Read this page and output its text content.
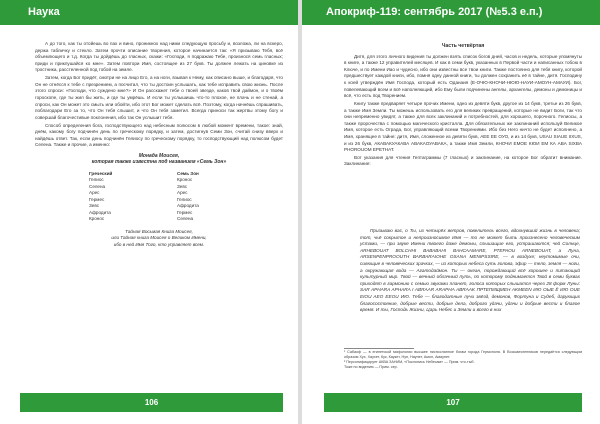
Наука

А до того, как ты отойешь во пах и вино, проникнох над ними следующую просьбу и, возложа, ли на вскеро, держа табличку и стекло. Затем прочти описание творения, которое начинается так: «Я призываю Тебя, всё объемлющего и т.д. Когда ты дойдёшь до гласных, скажи: «Господи, я подражаю Тебе, произнося семь гласных; приди и приклушайся ко мне». Затем повтори Имя, состоящее из 27 букв. Ты должен лежать на циновке из тростника, расстеленной под тобой на земле.

Затем, когда Бог придёт, смотри не на лицо Его, а на ноги, взывая к Нему, как описано выше, и благодаря, что Он не отнёсся к тебе с презрением, а посчитал, что ты достоин услышать, как тебе исправить свою жизнь. После этого спроси: «Господи, что суждено мне?» И Он расскажет тебе о твоей звезде, каков твой даймон, и о твоём гороскопе, где ты жил бы жить, и где ты умрёшь. И если ты услышишь что-то плохое, не плачь и не стенай, а спроси, как Он может это смыть или обойти, ибо этот Бог может сделать всё. Поэтому, когда начнёшь спрашивать, поблагодари Его за то, что Он тебя слышит, и что Он тебя заметил. Всегда приноси так жертвы этому богу и совершай благочестивые поклонения, ибо так Он услышит тебя.

Способ определения бога, господствующего над небесным полюсом в любой момент времени, такое: знай, днём, какому богу подчинён день по греческому порядку, и затем, достигнув Семи Зон, считай снизу вверх и найдёшь ответ. Так, если день подчинён Гелиосу по греческому порядку, то господствующий над полюсом будет Селена. Также и прочие, а именно:

Монада Моисея,
которая также известна под названием «Семь Зон»
Греческий	Семь Зон
Гелиос	Кронос
Селена	Зевс
Арес	Арес
Гермес	Гелиос
Зевс	Афродита
Афродита	Гермес
Кронос	Селена
Тайная Восьмая Книга Моисея,
или Тайная книга Моисея о Великом Имени,
ибо в ней Имя Того, кто управляет всем.
106
Апокриф-119: сентябрь 2017 (№5.3 е.п.)
Часть четвёртая

Дитя, для этого личного видения ты должен взять список богов дней, часов и недель, которые упомянуты в книге, а также 12 управителей месяцев. И как в семи букв, указанных в Первой части и написанных тобою в Ключе, и по Имени Иао и чудесно, ибо они известны все твои книги. Также постоянно для тебя книгу, которой предшествует каждой книги, ибо, помня одну данной книги, ты должен сохранить её в тайне, дитя. Господину к коей утверждён Имя Господа, который есть Оданаия (Е-ОЧЮ-КНОЧИ-НЮЮ-НАУИ-АМОУН-АМАУИ). Бог, повелевающий всем и всё наполняющий, ибо Ему были подчинены ангелы, архангелы, демоны и демоницы и всё, что есть под Творением.

Книгу также предваряет четыре прочих Имени, одно из девяти букв, другое из 14 букв, третье из 26 букв, а также Имя Земли. Ты можешь использовать его для великих превращений, которые не видит Боги, так что они непременно увидят, а также для всех заклинаний и потребностей, для хорошего, порочного. Гелиосы, а также пророчества с помощью магического кристалла. Для обязательных же заклинаний используй Великое Имя, которое есть Ограда, Бог, управляющий всеми Творениями. Ибо без Него ничто не будет исполнено, а Имя, хранящее в тайне: дитя, Имя, сложенное из девяти букв, АЕЕ ЕЕ ОУО, и из 14 букв, USAU SIAUE IIXUS, и из 26 букв, АКАВАКУАКАВА АВАКАОУАВАКА, а также Имя Земли, КНОЧИ ЕМОЕ КЮИ ЕМ КА ABA SIXBA PHOROUOM ЕРЕТНАТ.

Вот указания для чтения Гептаграммы (7 гласных) и заклинание, на которое Бог обратит внимание. Заклинание:

Призываю вас, о Ты, из четырёх ветров, повелитель всего, вдохнувший жизнь в человека; тот, чьё сокрытое и непроизносимое Имя — то не может быть произнесено человеческим устами, — при звуке Имени твоего даже демоны, слышащие его, устрашаются; чей Солнце, АRНЕВОUАТ ВОLCHHI ВАВАВАНI ВАНСААМАRЕ, РТЕРАОU ARNEBOUAT, а Луна, ARSENPENPROOUTH ВАRВАRАIОНЕ OSANA MENIPSSIRE, — в воздухе; неутомимые очи, сияющие в человеческих зрачках, — из которых небеса суть голова, эфир — тело, земля — ноги, а окружающая вода — Агатодаймон. Ты — океан, порождающий всё хорошее и питающий культурный мир. Твой — вечный облачный путь, по которому поднимается Твой в семи буквах приходят в гармонию с семью звуками планет, голоса которых слышатся через 28 форм Луны: SAR APHARA APHARA I ABRAAR ARAPHA ABRAAK ПРТЕПИЩМЕН AKMEEN ИЮ ОЫЕ Ё ИЮ OUE EIOU AEO EEOU ИЮ. Тебе — благодатные лучи звёзд, демонов, Фортуна и Судеб, дарующих благосостояние, добрые вести, добрые дела, доброго удачи, удачи и добрые вести и благое время. И ты, Господь Жизни, Царь Небес и Земли и всего в них

¹ Сабаоф — в египетской мифологии высшее ниспосланное богам города Гермополя. В Восьмичленников передаётся следующим образом Хух, Хаухет, Кук, Каукет, Нун, Наунет, Амон, Амаунет.

² Персонифицирует АКВА ЗАНИМ, «Поклонись Небесам» — Прим. что-тыб.

Тоже по видению — Прим. сер.

107
